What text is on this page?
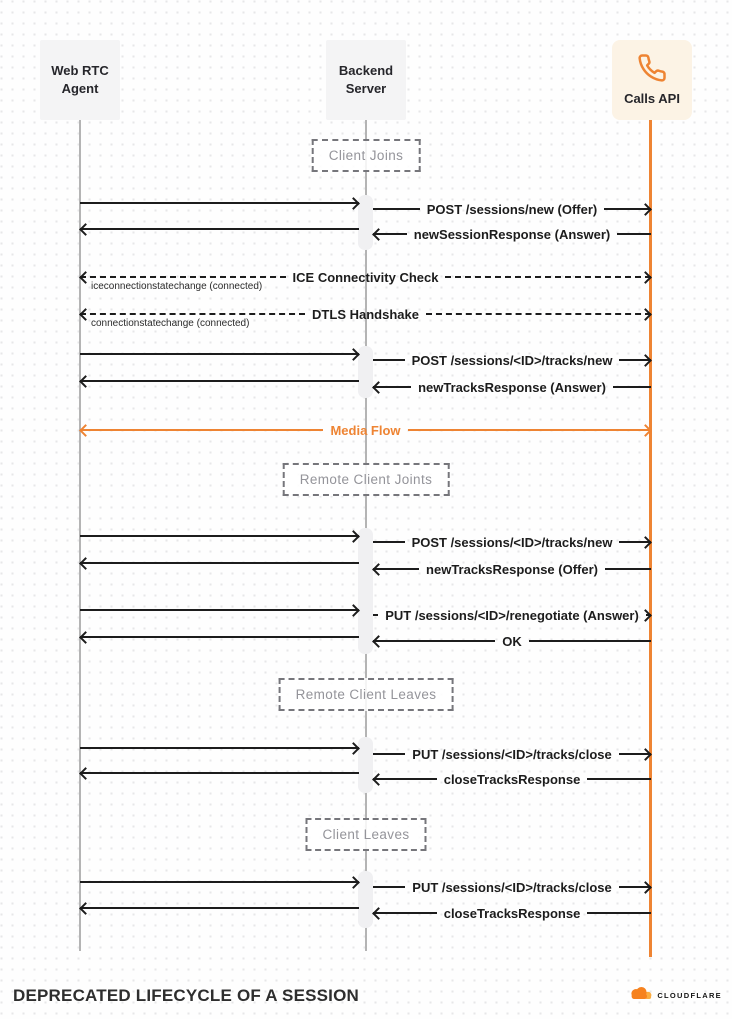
Web RTC Agent
Backend Server
Calls API
Client Joins
Remote Client Joints
Remote Client Leaves
Client Leaves
POST /sessions/new (Offer)
newSessionResponse (Answer)
ICE Connectivity Check
iceconnectionstatechange (connected)
DTLS Handshake
connectionstatechange (connected)
POST /sessions/<ID>/tracks/new
newTracksResponse (Answer)
Media Flow
POST /sessions/<ID>/tracks/new
newTracksResponse (Offer)
PUT /sessions/<ID>/renegotiate (Answer)
OK
PUT /sessions/<ID>/tracks/close
closeTracksResponse
PUT /sessions/<ID>/tracks/close
closeTracksResponse
DEPRECATED LIFECYCLE OF A SESSION	CLOUDFLARE
